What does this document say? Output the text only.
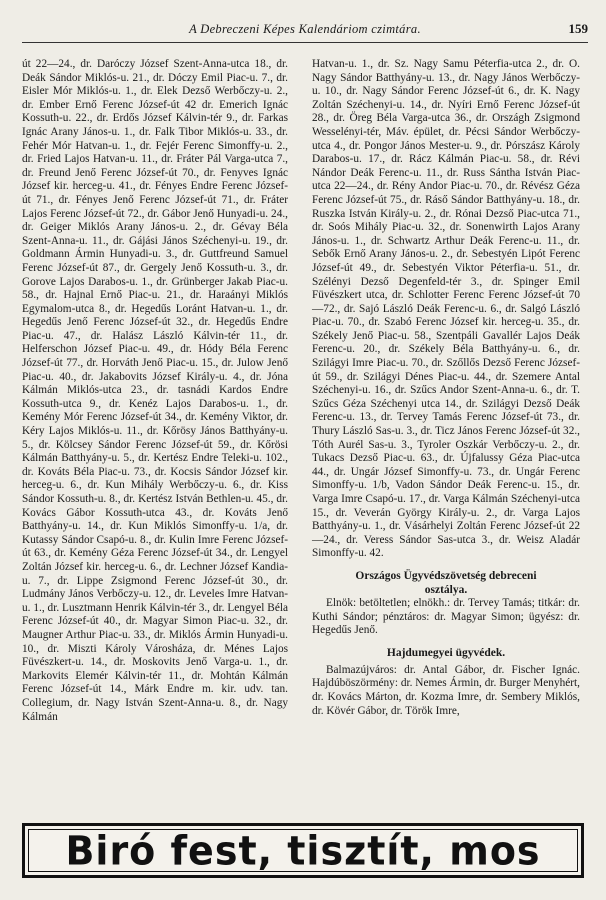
A Debreczeni Képes Kalendáriom czimtára.	159

út 22—24., dr. Daróczy József Szent-Anna-utca 18., dr. Deák Sándor Miklós-u. 21., dr. Dóczy Emil Piac-u. 7., dr. Eisler Mór Miklós-u. 1., dr. Elek Dezső Werbőczy-u. 2., dr. Ember Ernő Ferenc József-út 42 dr. Emerich Ignác Kossuth-u. 22., dr. Erdős József Kálvin-tér 9., dr. Farkas Ignác Arany János-u. 1., dr. Falk Tibor Miklós-u. 33., dr. Fehér Mór Hatvan-u. 1., dr. Fejér Ferenc Simonffy-u. 2., dr. Fried Lajos Hatvan-u. 11., dr. Fráter Pál Varga-utca 7., dr. Freund Jenő Ferenc József-út 70., dr. Fenyves Ignác József kir. herceg-u. 41., dr. Fényes Endre Ferenc József-út 71., dr. Fényes Jenő Ferenc József-út 71., dr. Fráter Lajos Ferenc József-út 72., dr. Gábor Jenő Hunyadi-u. 24., dr. Geiger Miklós Arany János-u. 2., dr. Gévay Béla Szent-Anna-u. 11., dr. Gájási János Széchenyi-u. 19., dr. Goldmann Ármin Hunyadi-u. 3., dr. Guttfreund Samuel Ferenc József-út 87., dr. Gergely Jenő Kossuth-u. 3., dr. Gorove Lajos Darabos-u. 1., dr. Grünberger Jakab Piac-u. 58., dr. Hajnal Ernő Piac-u. 21., dr. Haraányi Miklós Egymalom-utca 8., dr. Hegedűs Loránt Hatvan-u. 1., dr. Hegedűs Jenő Ferenc József-út 32., dr. Hegedűs Endre Piac-u. 47., dr. Halász László Kálvin-tér 11., dr. Helferschon József Piac-u. 49., dr. Hódy Béla Ferenc József-út 77., dr. Horváth Jenő Piac-u. 15., dr. Julow Jenő Piac-u. 40., dr. Jakabovits József Király-u. 4., dr. Jóna Kálmán Miklós-utca 23., dr. tasnádi Kardos Endre Kossuth-utca 9., dr. Kenéz Lajos Darabos-u. 1., dr. Kemény Mór Ferenc József-út 34., dr. Kemény Viktor, dr. Kéry Lajos Miklós-u. 11., dr. Kőrösy János Batthyány-u. 5., dr. Kölcsey Sándor Ferenc József-út 59., dr. Kőrösi Kálmán Batthyány-u. 5., dr. Kertész Endre Teleki-u. 102., dr. Kováts Béla Piac-u. 73., dr. Kocsis Sándor József kir. herceg-u. 6., dr. Kun Mihály Werbőczy-u. 6., dr. Kiss Sándor Kossuth-u. 8., dr. Kertész István Bethlen-u. 45., dr. Kovács Gábor Kossuth-utca 43., dr. Kováts Jenő Batthyány-u. 14., dr. Kun Miklós Simonffy-u. 1/a, dr. Kutassy Sándor Csapó-u. 8., dr. Kulin Imre Ferenc József-út 63., dr. Kemény Géza Ferenc József-út 34., dr. Lengyel Zoltán József kir. herceg-u. 6., dr. Lechner József Kandia-u. 7., dr. Lippe Zsigmond Ferenc József-út 30., dr. Ludmány János Verbőczy-u. 12., dr. Leveles Imre Hatvan-u. 1., dr. Lusztmann Henrik Kálvin-tér 3., dr. Lengyel Béla Ferenc József-út 40., dr. Magyar Simon Piac-u. 32., dr. Maugner Arthur Piac-u. 33., dr. Miklós Ármin Hunyadi-u. 10., dr. Miszti Károly Városháza, dr. Ménes Lajos Füvészkert-u. 14., dr. Moskovits Jenő Varga-u. 1., dr. Markovits Elemér Kálvin-tér 11., dr. Mohtán Kálmán Ferenc József-út 14., Márk Endre m. kir. udv. tan. Collegium, dr. Nagy István Szent-Anna-u. 8., dr. Nagy Kálmán

Hatvan-u. 1., dr. Sz. Nagy Samu Péterfia-utca 2., dr. O. Nagy Sándor Batthyány-u. 13., dr. Nagy János Werbőczy-u. 10., dr. Nagy Sándor Ferenc József-út 6., dr. K. Nagy Zoltán Széchenyi-u. 14., dr. Nyíri Ernő Ferenc József-út 28., dr. Öreg Béla Varga-utca 36., dr. Országh Zsigmond Wesselényi-tér, Máv. épület, dr. Pécsi Sándor Werbőczy-utca 4., dr. Pongor János Mester-u. 9., dr. Pórszász Károly Darabos-u. 17., dr. Rácz Kálmán Piac-u. 58., dr. Révi Nándor Deák Ferenc-u. 11., dr. Russ Sántha István Piac-utca 22—24., dr. Rény Andor Piac-u. 70., dr. Révész Géza Ferenc József-út 75., dr. Ráső Sándor Batthyány-u. 18., dr. Ruszka István Király-u. 2., dr. Rónai Dezső Piac-utca 71., dr. Soós Mihály Piac-u. 32., dr. Sonenwirth Lajos Arany János-u. 1., dr. Schwartz Arthur Deák Ferenc-u. 11., dr. Sebők Ernő Arany János-u. 2., dr. Sebestyén Lipót Ferenc József-út 49., dr. Sebestyén Viktor Péterfia-u. 51., dr. Szélényi Dezső Degenfeld-tér 3., dr. Spinger Emil Füvészkert utca, dr. Schlotter Ferenc Ferenc József-út 70—72., dr. Sajó László Deák Ferenc-u. 6., dr. Salgó László Piac-u. 70., dr. Szabó Ferenc József kir. herceg-u. 35., dr. Székely Jenő Piac-u. 58., Szentpáli Gavallér Lajos Deák Ferenc-u. 20., dr. Székely Béla Batthyány-u. 6., dr. Szilágyi Imre Piac-u. 70., dr. Szőllős Dezső Ferenc József-út 59., dr. Szilágyi Dénes Piac-u. 44., dr. Szemere Antal Széchenyi-u. 16., dr. Szűcs Andor Szent-Anna-u. 6., dr. T. Szűcs Géza Széchenyi utca 14., dr. Szilágyi Dezső Deák Ferenc-u. 13., dr. Tervey Tamás Ferenc József-út 73., dr. Thury László Sas-u. 3., dr. Ticz János Ferenc József-út 32., Tóth Aurél Sas-u. 3., Tyroler Oszkár Verbőczy-u. 2., dr. Tukacs Dezső Piac-u. 63., dr. Újfalussy Géza Piac-utca 44., dr. Ungár József Simonffy-u. 73., dr. Ungár Ferenc Simonffy-u. 1/b, Vadon Sándor Deák Ferenc-u. 15., dr. Varga Imre Csapó-u. 17., dr. Varga Kálmán Széchenyi-utca 15., dr. Veverán György Király-u. 2., dr. Varga Lajos Batthyány-u. 1., dr. Vásárhelyi Zoltán Ferenc József-út 22—24., dr. Veress Sándor Sas-utca 3., dr. Weisz Aladár Simonffy-u. 42.

Országos Ügyvédszövetség debreceni

osztálya.

Elnök: betöltetlen; elnökh.: dr. Tervey Tamás; titkár: dr. Kuthi Sándor; pénztáros: dr. Magyar Simon; ügyész: dr. Hegedűs Jenő.

Hajdumegyei ügyvédek.

Balmazújváros: dr. Antal Gábor, dr. Fischer Ignác. Hajdúböszörmény: dr. Nemes Ármin, dr. Burger Menyhért, dr. Kovács Márton, dr. Kozma Imre, dr. Sembery Miklós, dr. Kövér Gábor, dr. Török Imre,

Biró fest, tisztít, mos
